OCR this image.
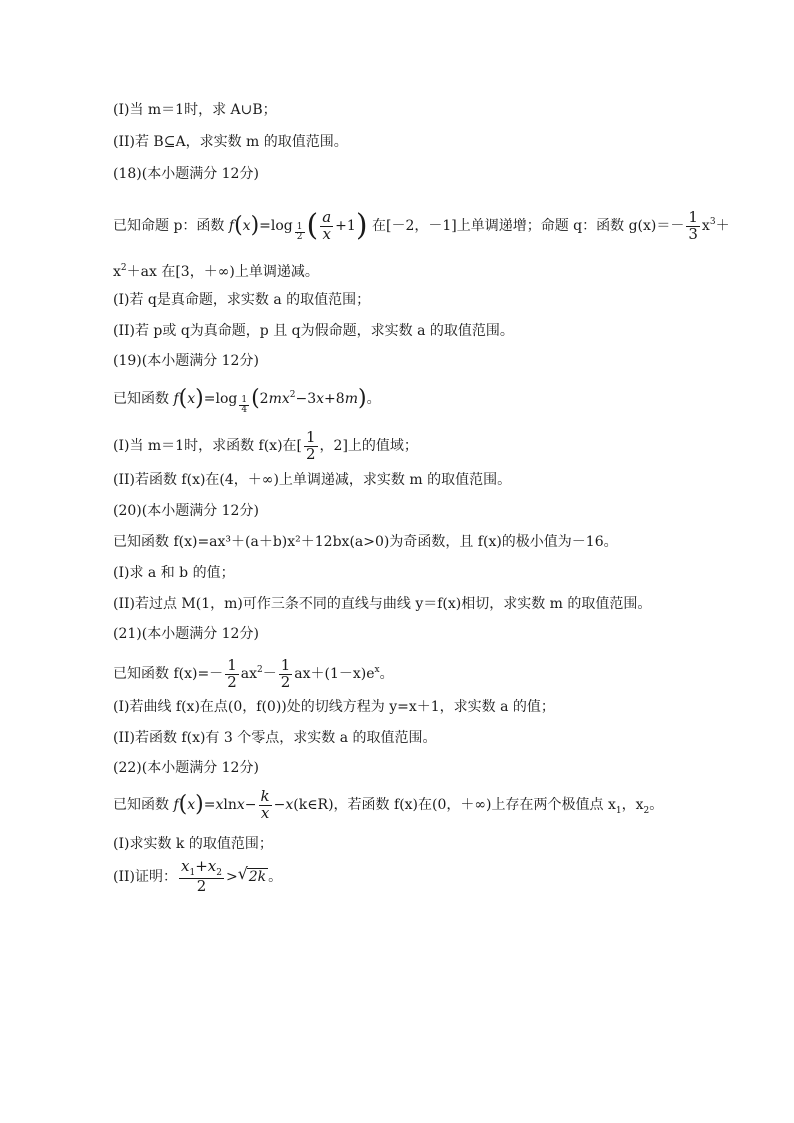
(I)当 m＝1时，求 A∪B；
(II)若 B⊆A，求实数 m 的取值范围。
(18)(本小题满分 12分)
已知命题 p：函数 $f(x)=\log \frac{1}{2}$ ( $\frac{a}{x} +1$) 在[－2，－1]上单调递增；命题 q：函数 $g(x)=- \frac{1}{3} x^3+$
$x^2+ax$ 在[3，＋∞)上单调递减。
(I)若 q是真命题，求实数 a 的取值范围；
(II)若 p或 q为真命题，p 且 q为假命题，求实数 a 的取值范围。
(19)(本小题满分 12分)
已知函数 $f(x)=\log \frac{1}{4} (2mx^2-3x+8m)$。
(I)当 m＝1时，求函数 f(x)在[ $\frac{1}{2}$ ，2]上的值域；
(II)若函数 f(x)在(4，＋∞)上单调递减，求实数 m 的取值范围。
(20)(本小题满分 12分)
已知函数 f(x)=ax³＋(a＋b)x²＋12bx(a>0)为奇函数，且 f(x)的极小值为－16。
(I)求 a 和 b 的值；
(II)若过点 M(1，m)可作三条不同的直线与曲线 y＝f(x)相切，求实数 m 的取值范围。
(21)(本小题满分 12分)
已知函数 $f(x)=- \frac{1}{2} ax^2- \frac{1}{2} ax+(1-x)e^x$。
(I)若曲线 f(x)在点(0，f(0))处的切线方程为 y=x＋1，求实数 a 的值；
(II)若函数 f(x)有 3 个零点，求实数 a 的取值范围。
(22)(本小题满分 12分)
已知函数 $f(x)=xlnx- \frac{k}{x}$ −x(k∈R)，若函数 f(x)在(0，＋∞)上存在两个极值点 $x_1$，$x_2$。
(I)求实数 k 的取值范围；
(II)证明： $\frac{x_1+x_2}{2}$ > √ 2k 。
